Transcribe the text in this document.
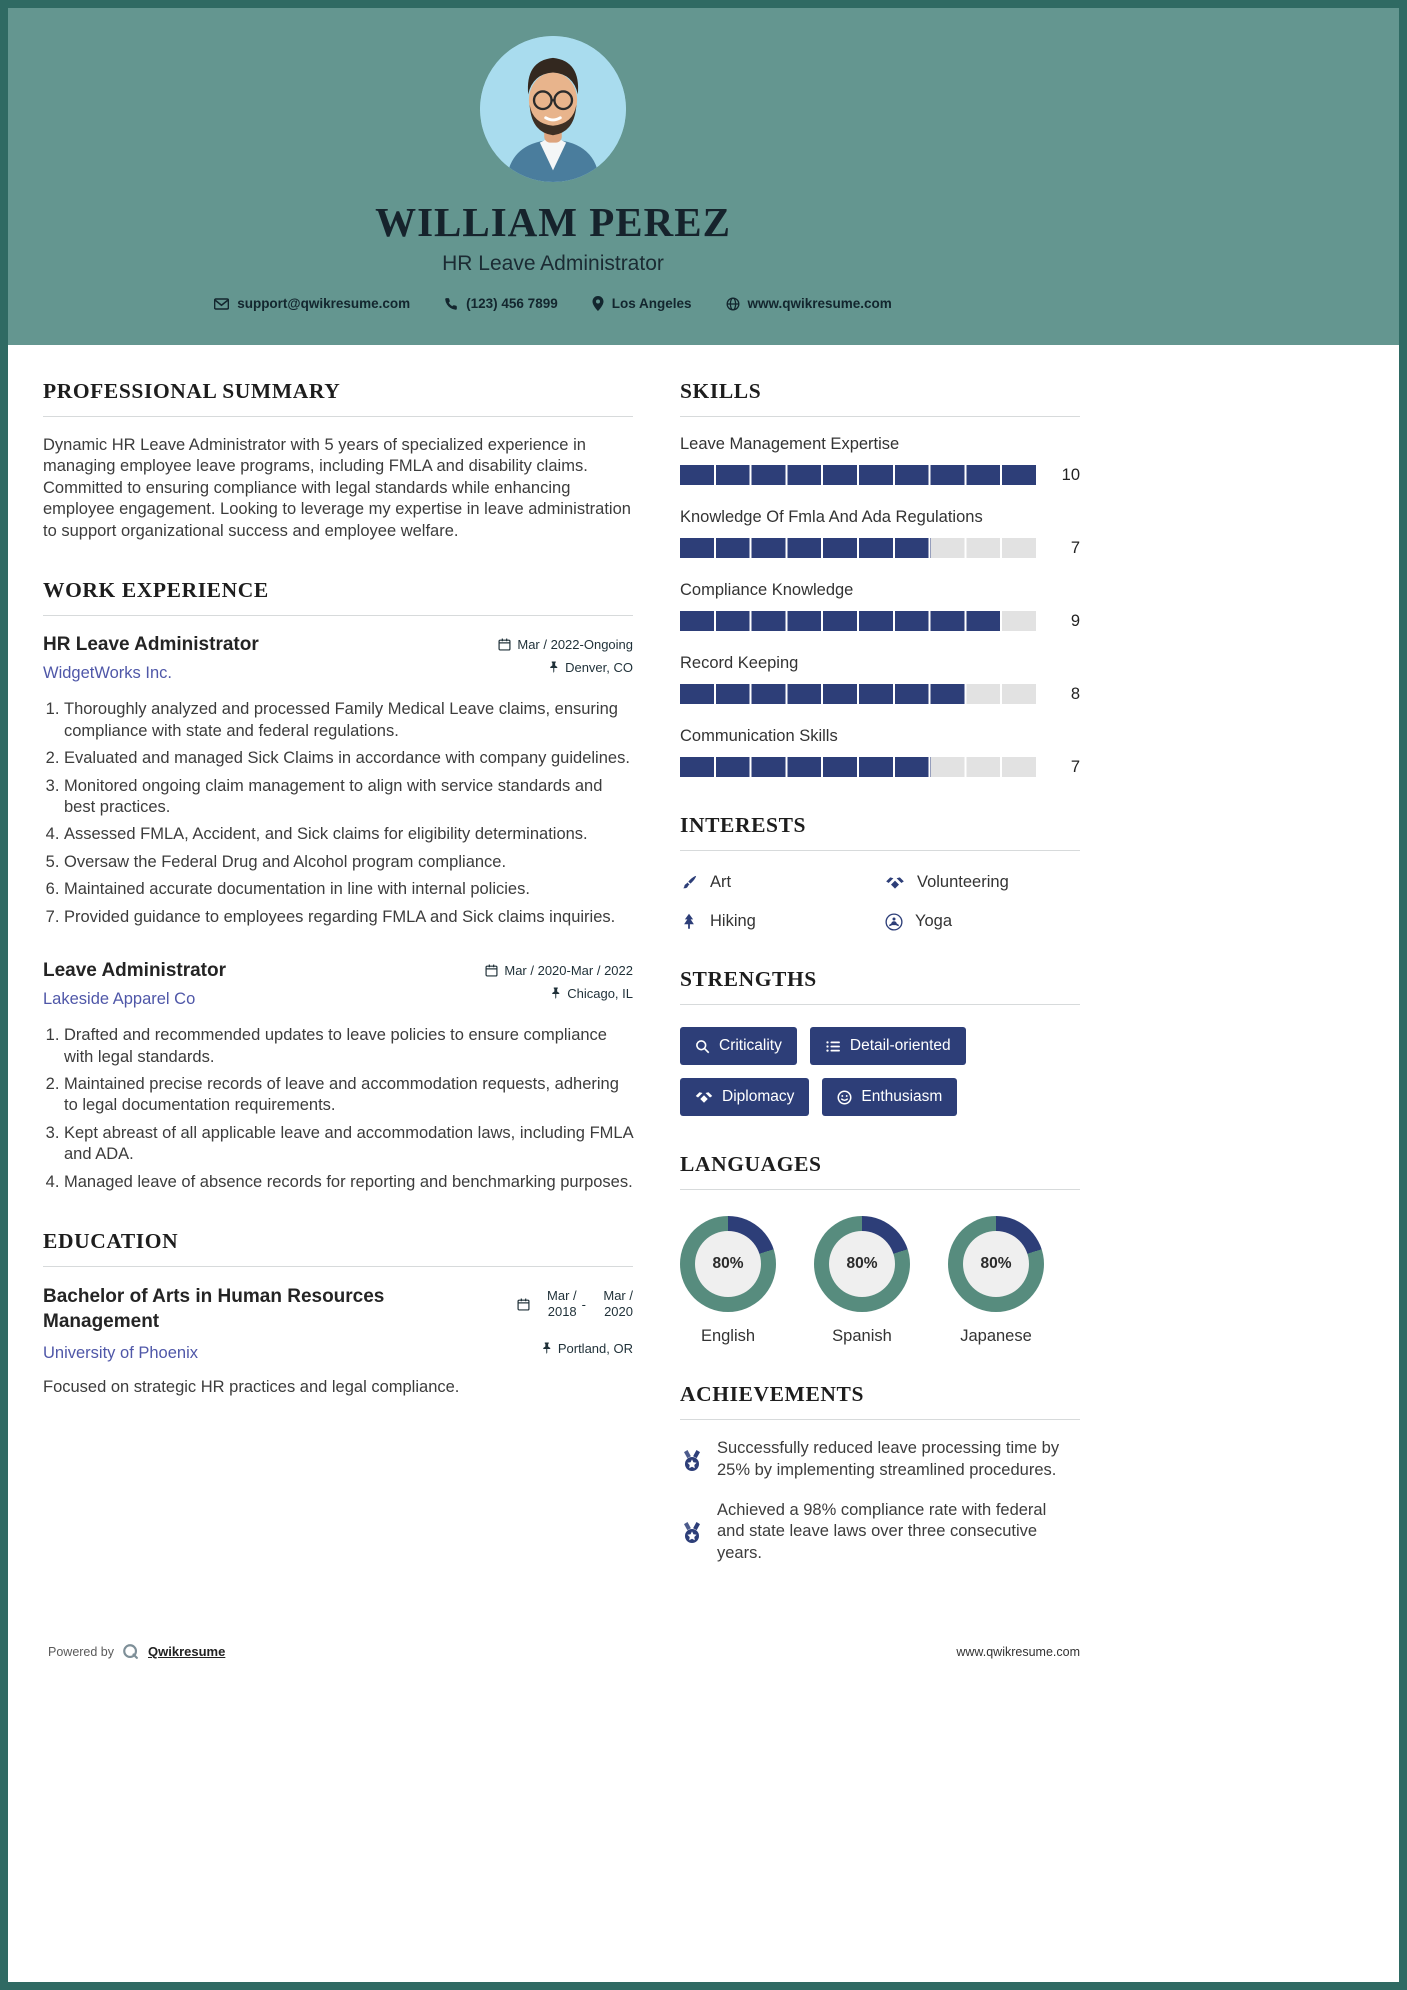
WILLIAM PEREZ
HR Leave Administrator
support@qwikresume.com	(123) 456 7899	Los Angeles	www.qwikresume.com
PROFESSIONAL SUMMARY

Dynamic HR Leave Administrator with 5 years of specialized experience in managing employee leave programs, including FMLA and disability claims. Committed to ensuring compliance with legal standards while enhancing employee engagement. Looking to leverage my expertise in leave administration to support organizational success and employee welfare.

WORK EXPERIENCE
HR Leave Administrator
WidgetWorks Inc.
Mar / 2022-Ongoing
Denver, CO
1. Thoroughly analyzed and processed Family Medical Leave claims, ensuring compliance with state and federal regulations.
2. Evaluated and managed Sick Claims in accordance with company guidelines.
3. Monitored ongoing claim management to align with service standards and best practices.
4. Assessed FMLA, Accident, and Sick claims for eligibility determinations.
5. Oversaw the Federal Drug and Alcohol program compliance.
6. Maintained accurate documentation in line with internal policies.
7. Provided guidance to employees regarding FMLA and Sick claims inquiries.
Leave Administrator
Lakeside Apparel Co
Mar / 2020-Mar / 2022
Chicago, IL
1. Drafted and recommended updates to leave policies to ensure compliance with legal standards.
2. Maintained precise records of leave and accommodation requests, adhering to legal documentation requirements.
3. Kept abreast of all applicable leave and accommodation laws, including FMLA and ADA.
4. Managed leave of absence records for reporting and benchmarking purposes.
EDUCATION
Bachelor of Arts in Human Resources Management
Mar / 2018 -
Mar / 2020
University of Phoenix	Portland, OR

Focused on strategic HR practices and legal compliance.

SKILLS
Leave Management Expertise
10
Knowledge Of Fmla And Ada Regulations
7
Compliance Knowledge
9
Record Keeping
8
Communication Skills
7
INTERESTS
Art	Volunteering
Hiking	Yoga
STRENGTHS
Criticality	Detail-oriented
Diplomacy	Enthusiasm
LANGUAGES
80%
English
80%
Spanish
80%
Japanese
ACHIEVEMENTS
Successfully reduced leave processing time by 25% by implementing streamlined procedures.
Achieved a 98% compliance rate with federal and state leave laws over three consecutive years.
Powered by	Qwikresume	www.qwikresume.com
